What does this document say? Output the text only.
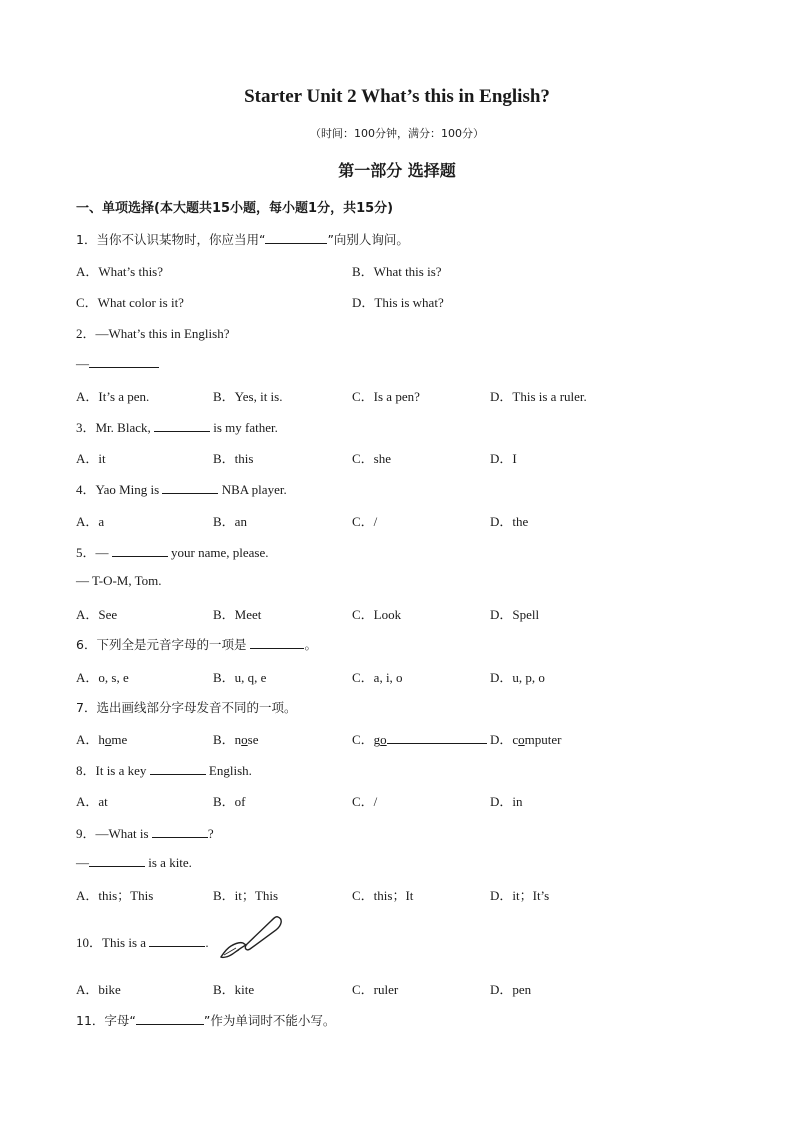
Starter Unit 2 What’s this in English?
（时间：100分钟，满分：100分）
第一部分 选择题
一、单项选择(本大题共15小题，每小题1分，共15分)
1．当你不认识某物时，你应当用“	”向别人询问。
A．What’s this?	B．What this is?
C．What color is it?	D．This is what?
2．—What’s this in English?
—
A．It’s a pen.	B．Yes, it is.	C．Is a pen?	D．This is a ruler.
3．Mr. Black,	is my father.
A．it	B．this	C．she	D．I
4．Yao Ming is	NBA player.
A．a	B．an	C．/	D．the
5．—	your name, please.
— T-O-M, Tom.
A．See	B．Meet	C．Look	D．Spell
6．下列全是元音字母的一项是	。
A．o, s, e	B．u, q, e	C．a, i, o	D．u, p, o
7．选出画线部分字母发音不同的一项。
A．home	B．nose	C．go	D．computer
8．It is a key	English.
A．at	B．of	C．/	D．in
9．—What is	?
—	is a kite.
A．this；This	B．it；This	C．this；It	D．it；It’s
10．This is a	.
A．bike	B．kite	C．ruler	D．pen
11．字母“	”作为单词时不能小写。
